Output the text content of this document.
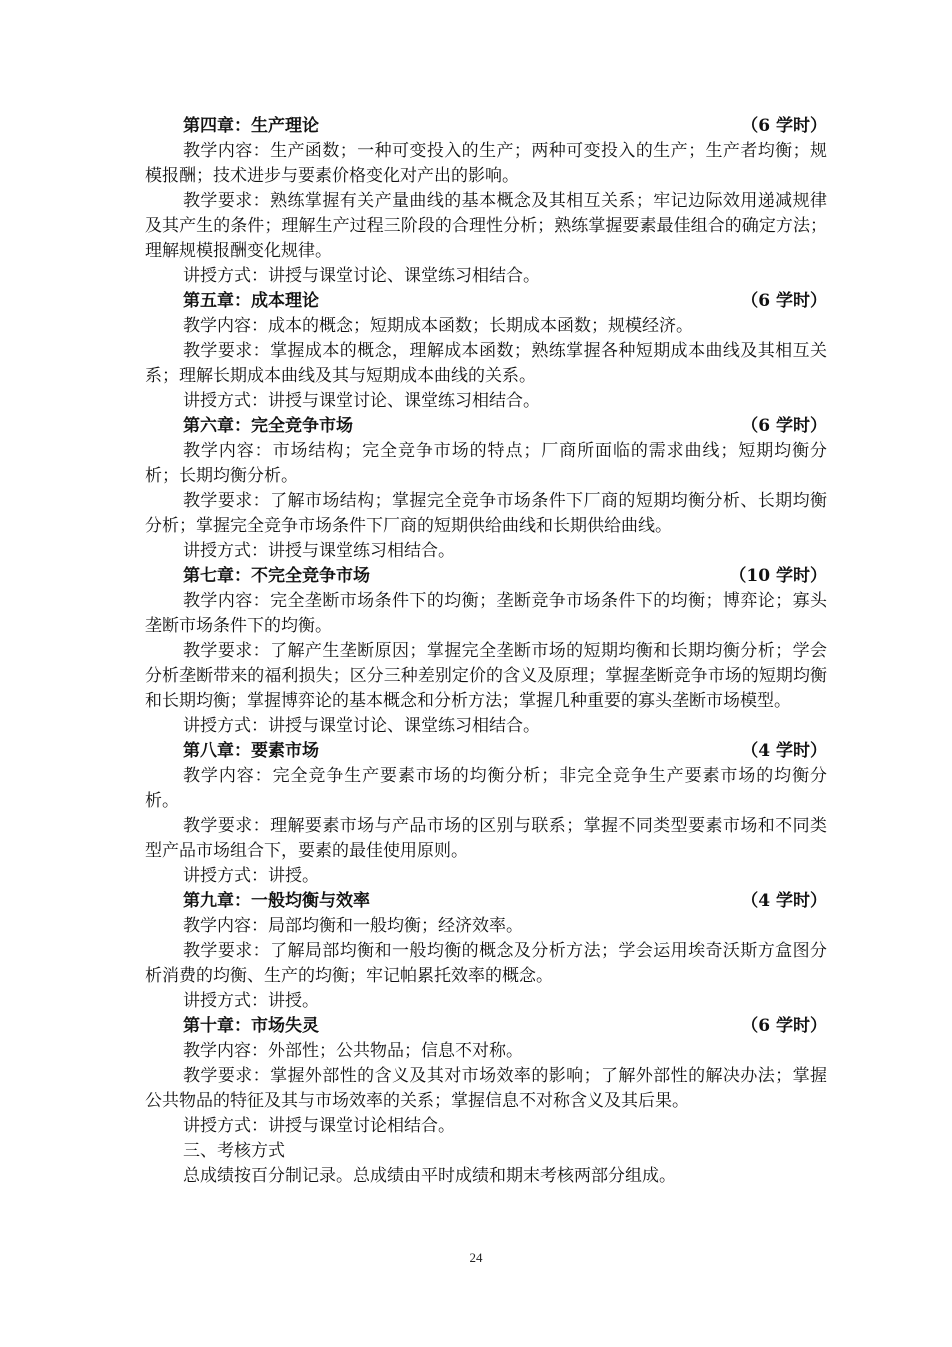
第四章：生产理论	（6 学时）

教学内容：生产函数；一种可变投入的生产；两种可变投入的生产；生产者均衡；规模报酬；技术进步与要素价格变化对产出的影响。

教学要求：熟练掌握有关产量曲线的基本概念及其相互关系；牢记边际效用递减规律及其产生的条件；理解生产过程三阶段的合理性分析；熟练掌握要素最佳组合的确定方法；理解规模报酬变化规律。

讲授方式：讲授与课堂讨论、课堂练习相结合。

第五章：成本理论	（6 学时）

教学内容：成本的概念；短期成本函数；长期成本函数；规模经济。

教学要求：掌握成本的概念，理解成本函数；熟练掌握各种短期成本曲线及其相互关系；理解长期成本曲线及其与短期成本曲线的关系。

讲授方式：讲授与课堂讨论、课堂练习相结合。

第六章：完全竞争市场	（6 学时）

教学内容：市场结构；完全竞争市场的特点；厂商所面临的需求曲线；短期均衡分析；长期均衡分析。

教学要求：了解市场结构；掌握完全竞争市场条件下厂商的短期均衡分析、长期均衡分析；掌握完全竞争市场条件下厂商的短期供给曲线和长期供给曲线。

讲授方式：讲授与课堂练习相结合。

第七章：不完全竞争市场	（10 学时）

教学内容：完全垄断市场条件下的均衡；垄断竞争市场条件下的均衡；博弈论；寡头垄断市场条件下的均衡。

教学要求：了解产生垄断原因；掌握完全垄断市场的短期均衡和长期均衡分析；学会分析垄断带来的福利损失；区分三种差别定价的含义及原理；掌握垄断竞争市场的短期均衡和长期均衡；掌握博弈论的基本概念和分析方法；掌握几种重要的寡头垄断市场模型。

讲授方式：讲授与课堂讨论、课堂练习相结合。

第八章：要素市场	（4 学时）

教学内容：完全竞争生产要素市场的均衡分析；非完全竞争生产要素市场的均衡分析。

教学要求：理解要素市场与产品市场的区别与联系；掌握不同类型要素市场和不同类型产品市场组合下，要素的最佳使用原则。

讲授方式：讲授。

第九章：一般均衡与效率	（4 学时）

教学内容：局部均衡和一般均衡；经济效率。

教学要求：了解局部均衡和一般均衡的概念及分析方法；学会运用埃奇沃斯方盒图分析消费的均衡、生产的均衡；牢记帕累托效率的概念。

讲授方式：讲授。

第十章：市场失灵	（6 学时）

教学内容：外部性；公共物品；信息不对称。

教学要求：掌握外部性的含义及其对市场效率的影响；了解外部性的解决办法；掌握公共物品的特征及其与市场效率的关系；掌握信息不对称含义及其后果。

讲授方式：讲授与课堂讨论相结合。

三、考核方式

总成绩按百分制记录。总成绩由平时成绩和期末考核两部分组成。

24
